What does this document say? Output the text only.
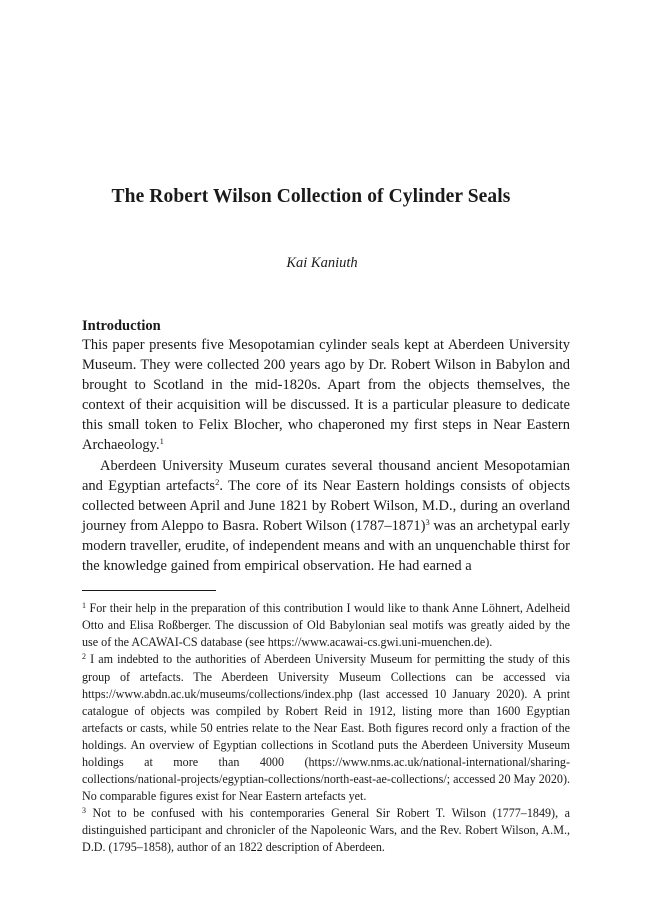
The Robert Wilson Collection of Cylinder Seals
Kai Kaniuth

Introduction

This paper presents five Mesopotamian cylinder seals kept at Aberdeen University Museum. They were collected 200 years ago by Dr. Robert Wilson in Babylon and brought to Scotland in the mid-1820s. Apart from the objects themselves, the context of their acquisition will be discussed. It is a particular pleasure to dedicate this small token to Felix Blocher, who chaperoned my first steps in Near Eastern Archaeology.$^1$

Aberdeen University Museum curates several thousand ancient Mesopotamian and Egyptian artefacts$^2$. The core of its Near Eastern holdings consists of objects collected between April and June 1821 by Robert Wilson, M.D., during an overland journey from Aleppo to Basra. Robert Wilson (1787–1871)$^3$ was an archetypal early modern traveller, erudite, of independent means and with an unquenchable thirst for the knowledge gained from empirical observation. He had earned a

$^1$ For their help in the preparation of this contribution I would like to thank Anne Löhnert, Adelheid Otto and Elisa Roßberger. The discussion of Old Babylonian seal motifs was greatly aided by the use of the ACAWAI-CS database (see https://www.acawai-cs.gwi.​uni-muenchen.de).

$^2$ I am indebted to the authorities of Aberdeen University Museum for permitting the study of this group of artefacts. The Aberdeen University Museum Collections can be accessed via https://www.abdn.ac.uk/museums/collections/index.php (last accessed 10 January 2020). A print catalogue of objects was compiled by Robert Reid in 1912, listing more than 1600 Egyptian artefacts or casts, while 50 entries relate to the Near East. Both figures record only a fraction of the holdings. An overview of Egyptian collections in Scotland puts the Aberdeen University Museum holdings at more than 4000 (https://www.nms.ac.​uk/national-international/sharing-collections/national-projects/egyptian-collections/north​-east-ae-collections/; accessed 20 May 2020). No comparable figures exist for Near Eastern artefacts yet.

$^3$ Not to be confused with his contemporaries General Sir Robert T. Wilson (1777–1849), a distinguished participant and chronicler of the Napoleonic Wars, and the Rev. Robert Wilson, A.M., D.D. (1795–1858), author of an 1822 description of Aberdeen.
